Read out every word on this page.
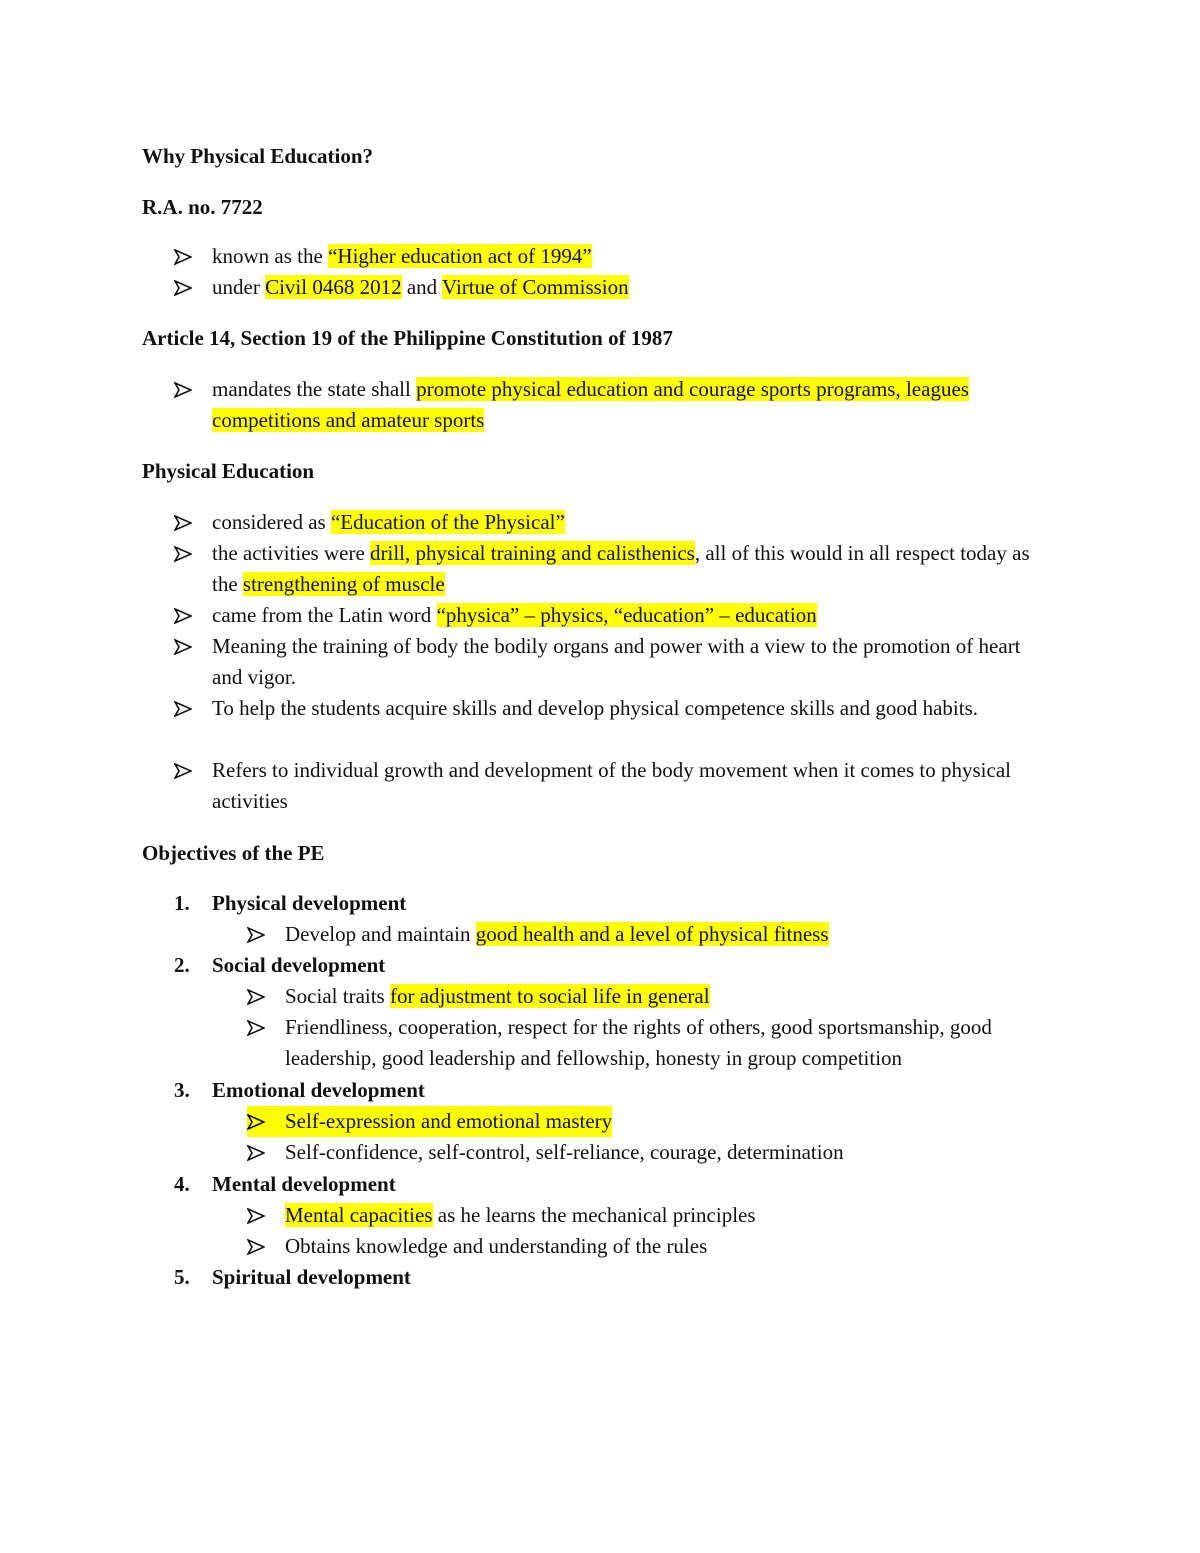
Why Physical Education?
R.A. no. 7722
known as the “Higher education act of 1994”
under Civil 0468 2012 and Virtue of Commission
Article 14, Section 19 of the Philippine Constitution of 1987
mandates the state shall promote physical education and courage sports programs, leagues competitions and amateur sports
Physical Education
considered as “Education of the Physical”
the activities were drill, physical training and calisthenics, all of this would in all respect today as the strengthening of muscle
came from the Latin word “physica” – physics, “education” – education
Meaning the training of body the bodily organs and power with a view to the promotion of heart and vigor.
To help the students acquire skills and develop physical competence skills and good habits.
Refers to individual growth and development of the body movement when it comes to physical activities
Objectives of the PE
1. Physical development
Develop and maintain good health and a level of physical fitness
2. Social development
Social traits for adjustment to social life in general
Friendliness, cooperation, respect for the rights of others, good sportsmanship, good leadership, good leadership and fellowship, honesty in group competition
3. Emotional development
Self-expression and emotional mastery
Self-confidence, self-control, self-reliance, courage, determination
4. Mental development
Mental capacities as he learns the mechanical principles
Obtains knowledge and understanding of the rules
5. Spiritual development
